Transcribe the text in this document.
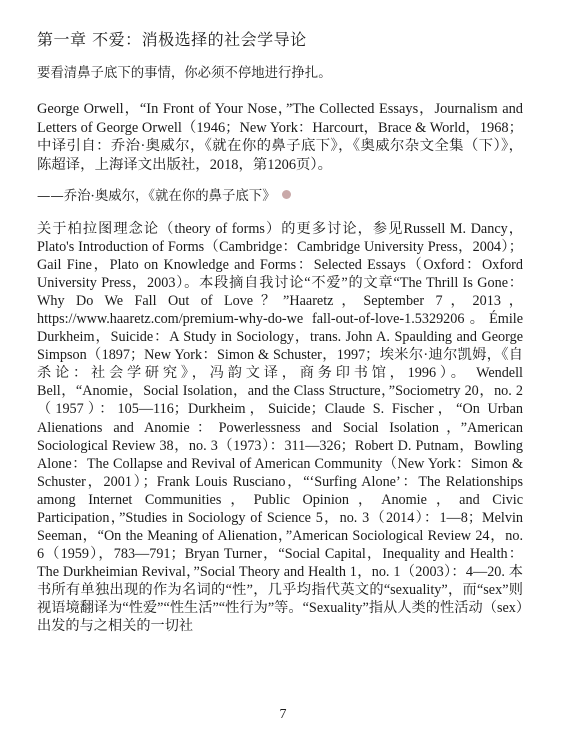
第一章 不爱：消极选择的社会学导论

要看清鼻子底下的事情，你必须不停地进行挣扎。

George Orwell，“In Front of Your Nose，”The Collected Essays，Journalism and Letters of George Orwell（1946；New York：Harcourt，Brace & World，1968；中译引自：乔治·奥威尔，《就在你的鼻子底下》，《奥威尔杂文全集（下）》，陈超译，上海译文出版社，2018，第1206页）。

——乔治·奥威尔，《就在你的鼻子底下》

关于柏拉图理念论（theory of forms）的更多讨论，参见Russell M. Dancy，Plato's Introduction of Forms（Cambridge：Cambridge University Press，2004）；Gail Fine，Plato on Knowledge and Forms：Selected Essays（Oxford：Oxford University Press，2003）。本段摘自我讨论“不爱”的文章“The Thrill Is Gone：Why Do We Fall Out of Love？”Haaretz，September 7，2013，https://www.haaretz.com/premium-why-do-we fall-out-of-love-1.5329206。Émile Durkheim，Suicide：A Study in Sociology，trans. John A. Spaulding and George Simpson（1897；New York：Simon & Schuster，1997；埃米尔·迪尔凯姆，《自杀论：社会学研究》，冯韵文译，商务印书馆，1996）。 Wendell Bell，“Anomie，Social Isolation，and the Class Structure，”Sociometry 20，no. 2（1957）：105—116；Durkheim，Suicide；Claude S. Fischer，“On Urban Alienations and Anomie：Powerlessness and Social Isolation，”American Sociological Review 38，no. 3（1973）：311—326；Robert D. Putnam，Bowling Alone：The Collapse and Revival of American Community（New York：Simon & Schuster，2001）；Frank Louis Rusciano，“‘Surfing Alone’：The Relationships among Internet Communities，Public Opinion，Anomie，and Civic Participation，”Studies in Sociology of Science 5，no. 3（2014）：1—8；Melvin Seeman，“On the Meaning of Alienation，”American Sociological Review 24，no. 6（1959），783—791；Bryan Turner，“Social Capital，Inequality and Health：The Durkheimian Revival，”Social Theory and Health 1，no. 1（2003）：4—20. 本书所有单独出现的作为名词的“性”，几乎均指代英文的“sexuality”，而“sex”则视语境翻译为“性爱”“性生活”“性行为”等。“Sexuality”指从人类的性活动（sex）出发的与之相关的一切社

7
